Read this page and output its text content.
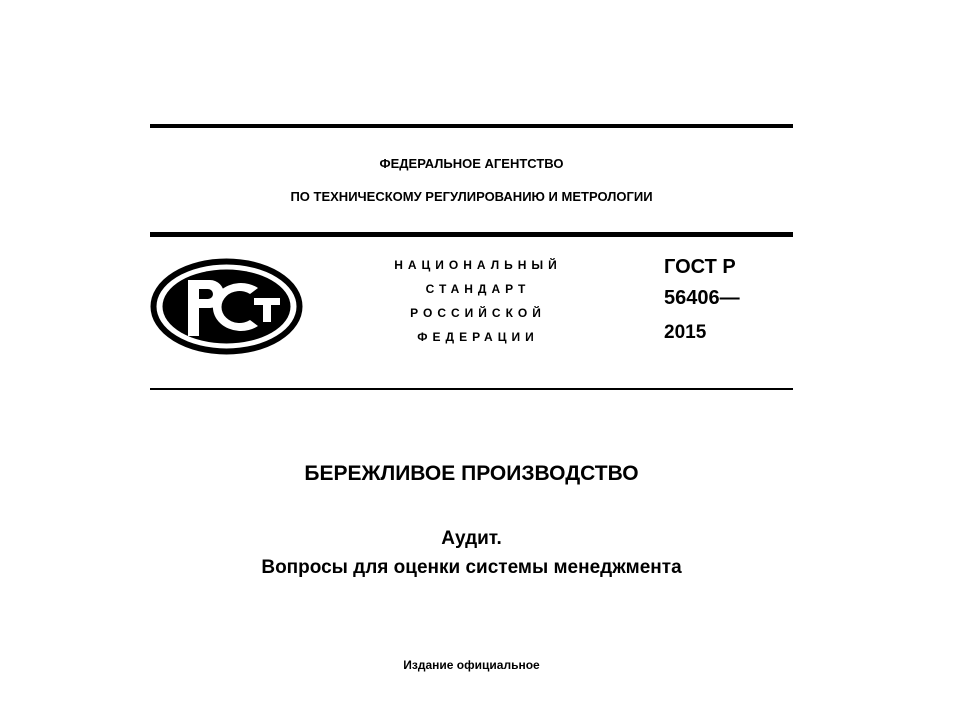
ФЕДЕРАЛЬНОЕ АГЕНТСТВО
ПО ТЕХНИЧЕСКОМУ РЕГУЛИРОВАНИЮ И МЕТРОЛОГИИ
НАЦИОНАЛЬНЫЙ
СТАНДАРТ
РОССИЙСКОЙ
ФЕДЕРАЦИИ
ГОСТ Р
56406—
2015
БЕРЕЖЛИВОЕ ПРОИЗВОДСТВО
Аудит.
Вопросы для оценки системы менеджмента
Издание официальное
